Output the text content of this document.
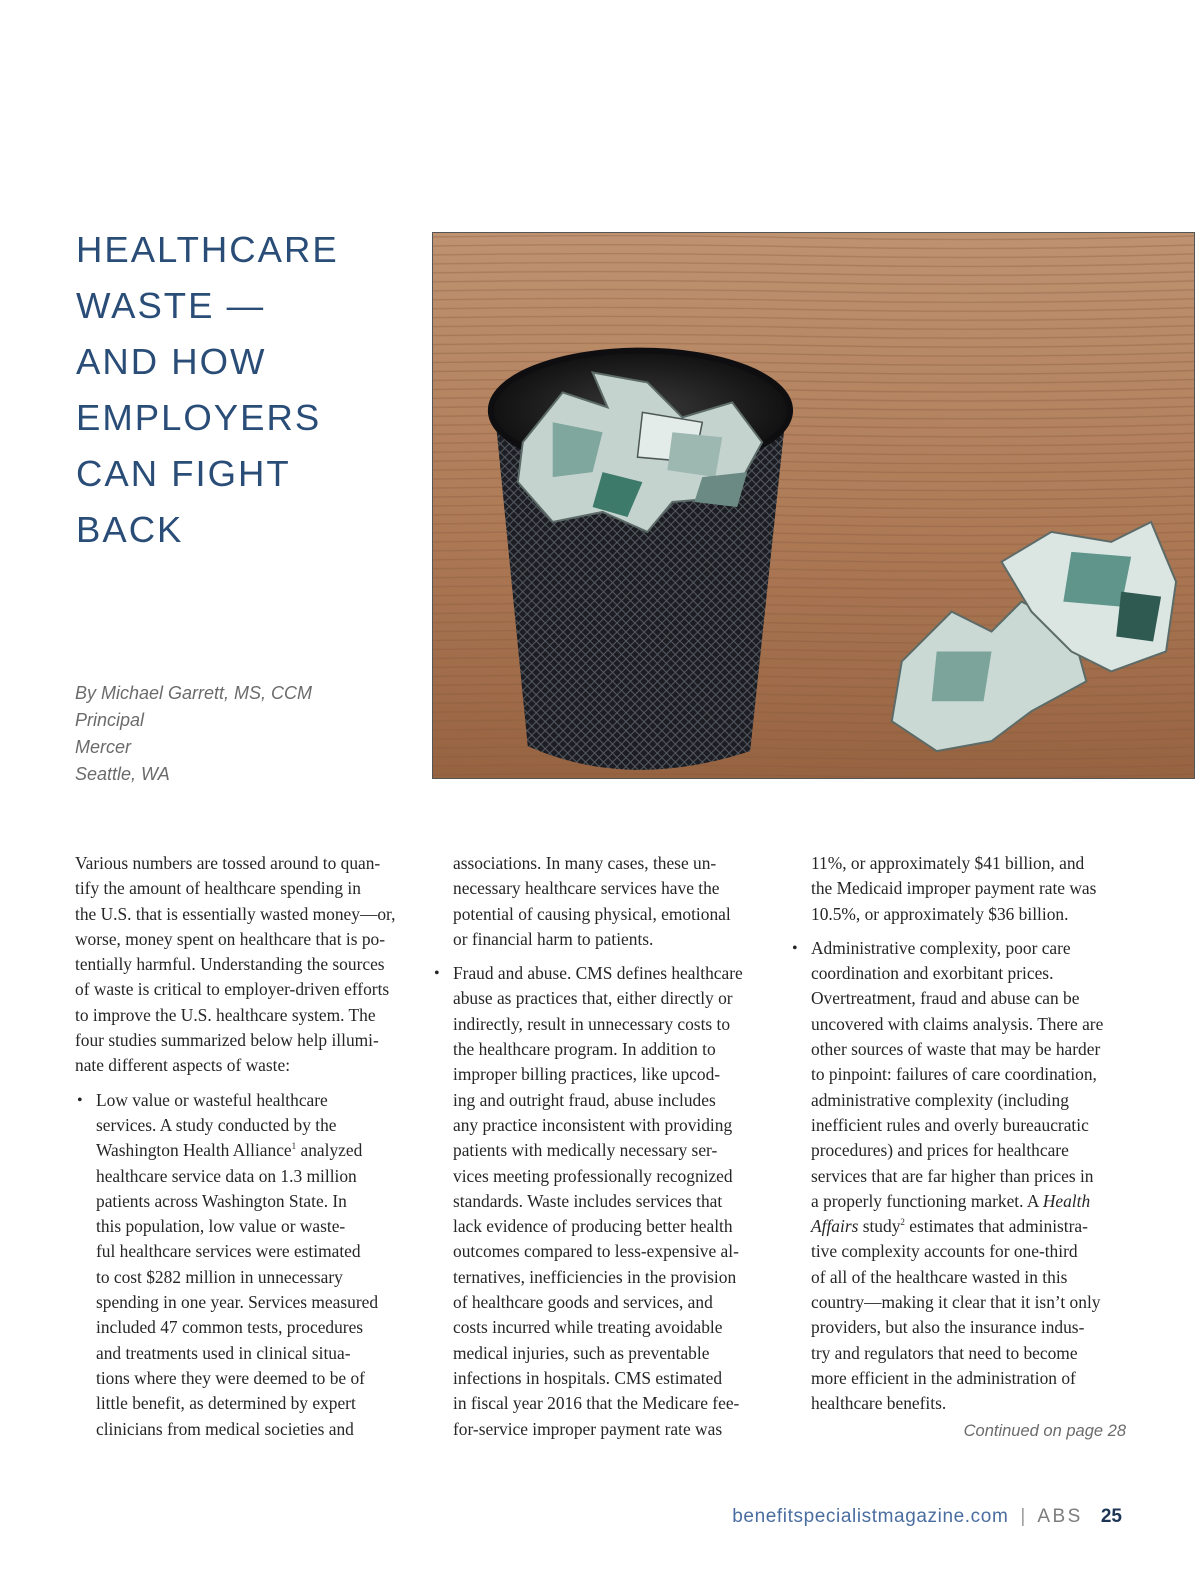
HEALTHCARE
WASTE —
AND HOW
EMPLOYERS
CAN FIGHT
BACK
By Michael Garrett, MS, CCM
Principal
Mercer
Seattle, WA

Various numbers are tossed around to quan-
tify the amount of healthcare spending in
the U.S. that is essentially wasted money—or,
worse, money spent on healthcare that is po-
tentially harmful. Understanding the sources
of waste is critical to employer-driven efforts
to improve the U.S. healthcare system. The
four studies summarized below help illumi-
nate different aspects of waste:

• Low value or wasteful healthcare
services. A study conducted by the
Washington Health Alliance$^1$ analyzed
healthcare service data on 1.3 million
patients across Washington State. In
this population, low value or waste-
ful healthcare services were estimated
to cost $282 million in unnecessary
spending in one year. Services measured
included 47 common tests, procedures
and treatments used in clinical situa-
tions where they were deemed to be of
little benefit, as determined by expert
clinicians from medical societies and

associations. In many cases, these un-
necessary healthcare services have the
potential of causing physical, emotional
or financial harm to patients.

• Fraud and abuse. CMS defines healthcare
abuse as practices that, either directly or
indirectly, result in unnecessary costs to
the healthcare program. In addition to
improper billing practices, like upcod-
ing and outright fraud, abuse includes
any practice inconsistent with providing
patients with medically necessary ser-
vices meeting professionally recognized
standards. Waste includes services that
lack evidence of producing better health
outcomes compared to less-expensive al-
ternatives, inefficiencies in the provision
of healthcare goods and services, and
costs incurred while treating avoidable
medical injuries, such as preventable
infections in hospitals. CMS estimated
in fiscal year 2016 that the Medicare fee-
for-service improper payment rate was

11%, or approximately $41 billion, and
the Medicaid improper payment rate was
10.5%, or approximately $36 billion.

• Administrative complexity, poor care
coordination and exorbitant prices.
Overtreatment, fraud and abuse can be
uncovered with claims analysis. There are
other sources of waste that may be harder
to pinpoint: failures of care coordination,
administrative complexity (including
inefficient rules and overly bureaucratic
procedures) and prices for healthcare
services that are far higher than prices in
a properly functioning market. A Health
Affairs study$^2$ estimates that administra-
tive complexity accounts for one-third
of all of the healthcare wasted in this
country—making it clear that it isn’t only
providers, but also the insurance indus-
try and regulators that need to become
more efficient in the administration of
healthcare benefits.
Continued on page 28
benefitspecialistmagazine.com | ABS 25
